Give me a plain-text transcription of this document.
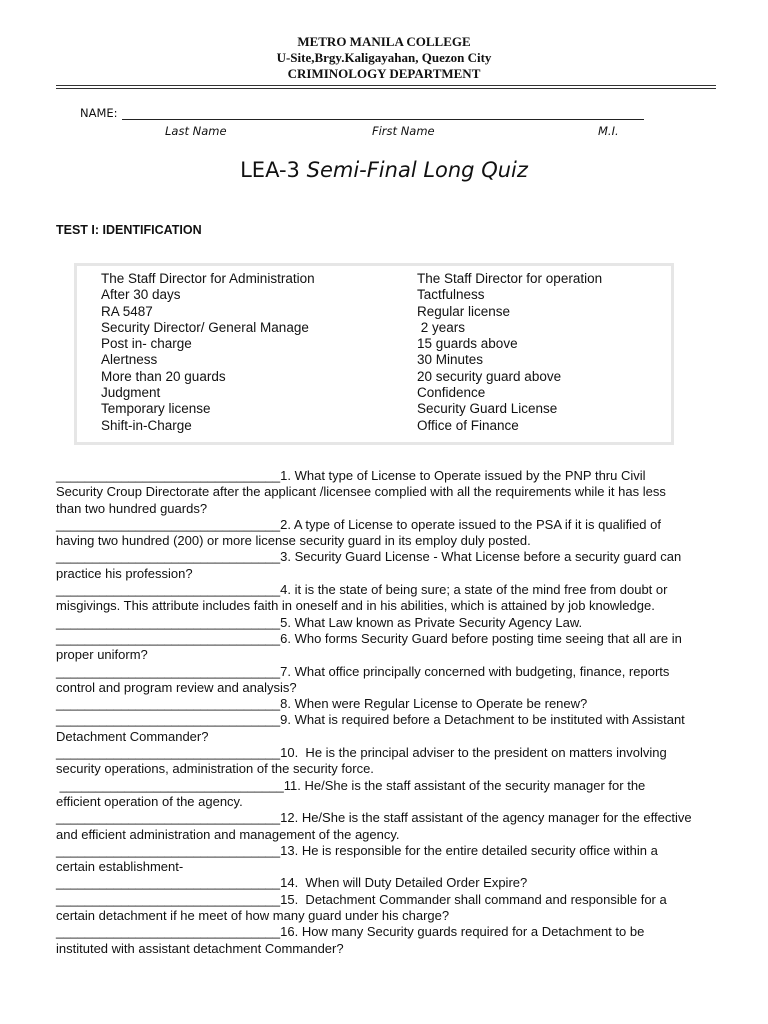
METRO MANILA COLLEGE
U-Site,Brgy.Kaligayahan, Quezon City
CRIMINOLOGY DEPARTMENT
NAME:
Last Name	First Name	M.I.
LEA-3 Semi-Final Long Quiz
TEST I: IDENTIFICATION
The Staff Director for Administration
After 30 days
RA 5487
Security Director/ General Manage
Post in- charge
Alertness
More than 20 guards
Judgment
Temporary license
Shift-in-Charge
The Staff Director for operation
Tactfulness
Regular license
2 years
15 guards above
30 Minutes
20 security guard above
Confidence
Security Guard License
Office of Finance
_______________________________1. What type of License to Operate issued by the PNP thru Civil
Security Croup Directorate after the applicant /licensee complied with all the requirements while it has less
than two hundred guards?
_______________________________2. A type of License to operate issued to the PSA if it is qualified of
having two hundred (200) or more license security guard in its employ duly posted.
_______________________________3. Security Guard License - What License before a security guard can
practice his profession?
_______________________________4. it is the state of being sure; a state of the mind free from doubt or
misgivings. This attribute includes faith in oneself and in his abilities, which is attained by job knowledge.
_______________________________5. What Law known as Private Security Agency Law.
_______________________________6. Who forms Security Guard before posting time seeing that all are in
proper uniform?
_______________________________7. What office principally concerned with budgeting, finance, reports
control and program review and analysis?
_______________________________8. When were Regular License to Operate be renew?
_______________________________9. What is required before a Detachment to be instituted with Assistant
Detachment Commander?
_______________________________10.  He is the principal adviser to the president on matters involving
security operations, administration of the security force.
_______________________________11. He/She is the staff assistant of the security manager for the
efficient operation of the agency.
_______________________________12. He/She is the staff assistant of the agency manager for the effective
and efficient administration and management of the agency.
_______________________________13. He is responsible for the entire detailed security office within a
certain establishment-
_______________________________14.  When will Duty Detailed Order Expire?
_______________________________15.  Detachment Commander shall command and responsible for a
certain detachment if he meet of how many guard under his charge?
_______________________________16. How many Security guards required for a Detachment to be
instituted with assistant detachment Commander?
